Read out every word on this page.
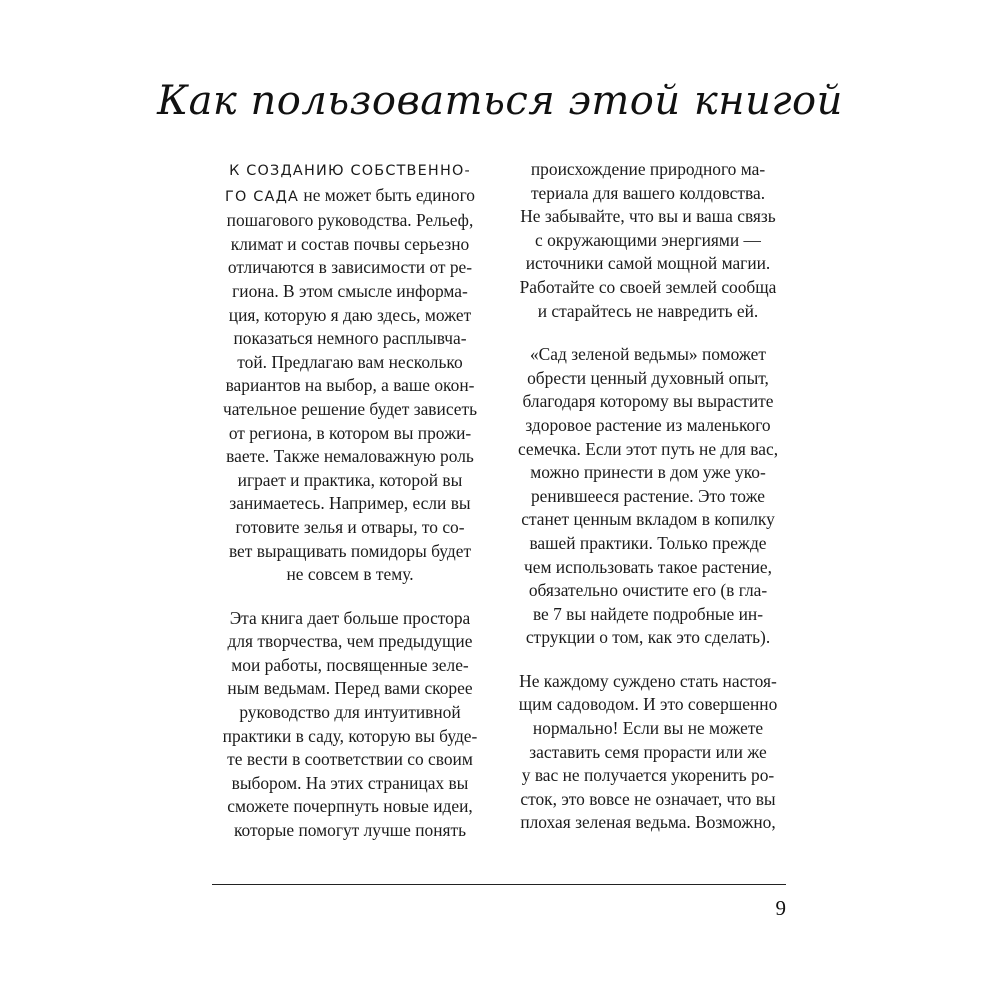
Как пользоваться этой книгой
К СОЗДАНИЮ СОБСТВЕННО-
ГО САДА не может быть единого
пошагового руководства. Рельеф,
климат и состав почвы серьезно
отличаются в зависимости от ре-
гиона. В этом смысле информа-
ция, которую я даю здесь, может
показаться немного расплывча-
той. Предлагаю вам несколько
вариантов на выбор, а ваше окон-
чательное решение будет зависеть
от региона, в котором вы прожи-
ваете. Также немаловажную роль
играет и практика, которой вы
занимаетесь. Например, если вы
готовите зелья и отвары, то со-
вет выращивать помидоры будет
не совсем в тему.
Эта книга дает больше простора
для творчества, чем предыдущие
мои работы, посвященные зеле-
ным ведьмам. Перед вами скорее
руководство для интуитивной
практики в саду, которую вы буде-
те вести в соответствии со своим
выбором. На этих страницах вы
сможете почерпнуть новые идеи,
которые помогут лучше понять
происхождение природного ма-
териала для вашего колдовства.
Не забывайте, что вы и ваша связь
с окружающими энергиями —
источники самой мощной магии.
Работайте со своей землей сообща
и старайтесь не навредить ей.
«Сад зеленой ведьмы» поможет
обрести ценный духовный опыт,
благодаря которому вы вырастите
здоровое растение из маленького
семечка. Если этот путь не для вас,
можно принести в дом уже уко-
ренившееся растение. Это тоже
станет ценным вкладом в копилку
вашей практики. Только прежде
чем использовать такое растение,
обязательно очистите его (в гла-
ве 7 вы найдете подробные ин-
струкции о том, как это сделать).
Не каждому суждено стать настоя-
щим садоводом. И это совершенно
нормально! Если вы не можете
заставить семя прорасти или же
у вас не получается укоренить ро-
сток, это вовсе не означает, что вы
плохая зеленая ведьма. Возможно,
9
